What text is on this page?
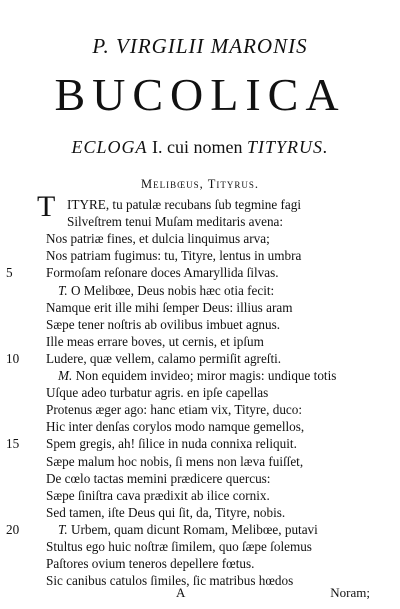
P. VIRGILII MARONIS
BUCOLICA
ECLOGA I. cui nomen TITYRUS.
Melibœus, Tityrus.
T ITYRE, tu patulæ recubans ſub tegmine fagi
Silveſtrem tenui Muſam meditaris avena:
Nos patriæ fines, et dulcia linquimus arva;
Nos patriam fugimus: tu, Tityre, lentus in umbra
5	Formoſam reſonare doces Amaryllida ſilvas.
T. O Melibœe, Deus nobis hæc otia fecit:
Namque erit ille mihi ſemper Deus: illius aram
Sæpe tener noſtris ab ovilibus imbuet agnus.
Ille meas errare boves, ut cernis, et ipſum
10	Ludere, quæ vellem, calamo permiſit agreſti.
M. Non equidem invideo; miror magis: undique totis
Uſque adeo turbatur agris. en ipſe capellas
Protenus æger ago: hanc etiam vix, Tityre, duco:
Hic inter denſas corylos modo namque gemellos,
15	Spem gregis, ah! ſilice in nuda connixa reliquit.
Sæpe malum hoc nobis, ſi mens non læva fuiſſet,
De cœlo tactas memini prædicere quercus:
Sæpe ſiniſtra cava prædixit ab ilice cornix.
Sed tamen, iſte Deus qui ſit, da, Tityre, nobis.
20	T. Urbem, quam dicunt Romam, Melibœe, putavi
Stultus ego huic noſtræ ſimilem, quo ſæpe ſolemus
Paſtores ovium teneros depellere fœtus.
Sic canibus catulos ſimiles, ſic matribus hœdos
A	Noram;
